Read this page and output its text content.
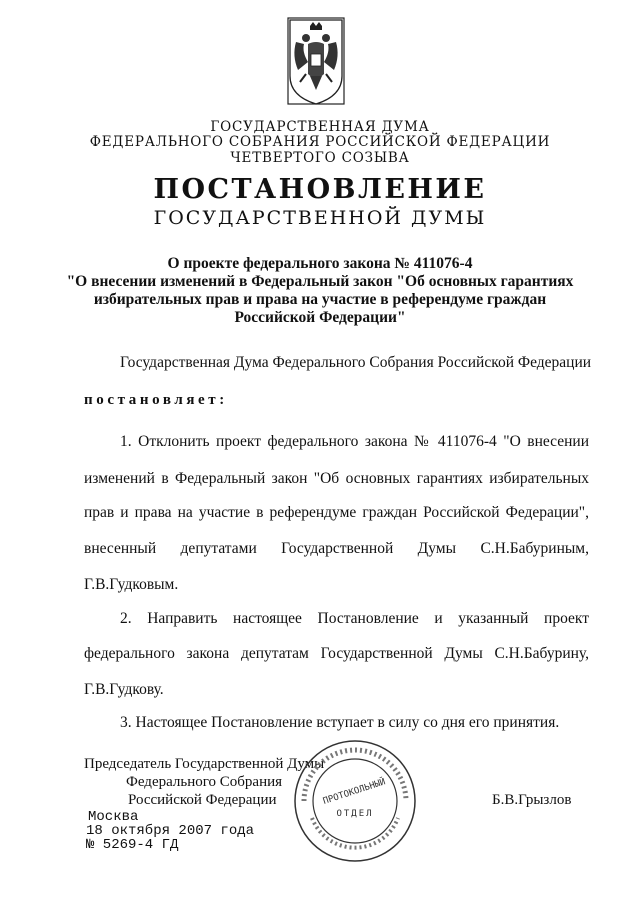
ГОСУДАРСТВЕННАЯ ДУМА
ФЕДЕРАЛЬНОГО СОБРАНИЯ РОССИЙСКОЙ ФЕДЕРАЦИИ
ЧЕТВЕРТОГО СОЗЫВА
ПОСТАНОВЛЕНИЕ
ГОСУДАРСТВЕННОЙ ДУМЫ
О проекте федерального закона № 411076-4
"О внесении изменений в Федеральный закон "Об основных гарантиях
избирательных прав и права на участие в референдуме граждан
Российской Федерации"
Государственная Дума Федерального Собрания Российской Федерации
постановляет:
1. Отклонить проект федерального закона № 411076-4 "О внесении
изменений в Федеральный закон "Об основных гарантиях избирательных
прав и права на участие в референдуме граждан Российской Федерации",
внесенный депутатами Государственной Думы С.Н.Бабуриным,
Г.В.Гудковым.
2. Направить настоящее Постановление и указанный проект
федерального закона депутатам Государственной Думы С.Н.Бабурину,
Г.В.Гудкову.
3. Настоящее Постановление вступает в силу со дня его принятия.
Председатель Государственной Думы
Федерального Собрания
Российской Федерации	Б.В.Грызлов
ПРОТОКОЛЬНЫЙ
ОТДЕЛ
Москва
18 октября 2007 года
№ 5269-4 ГД
